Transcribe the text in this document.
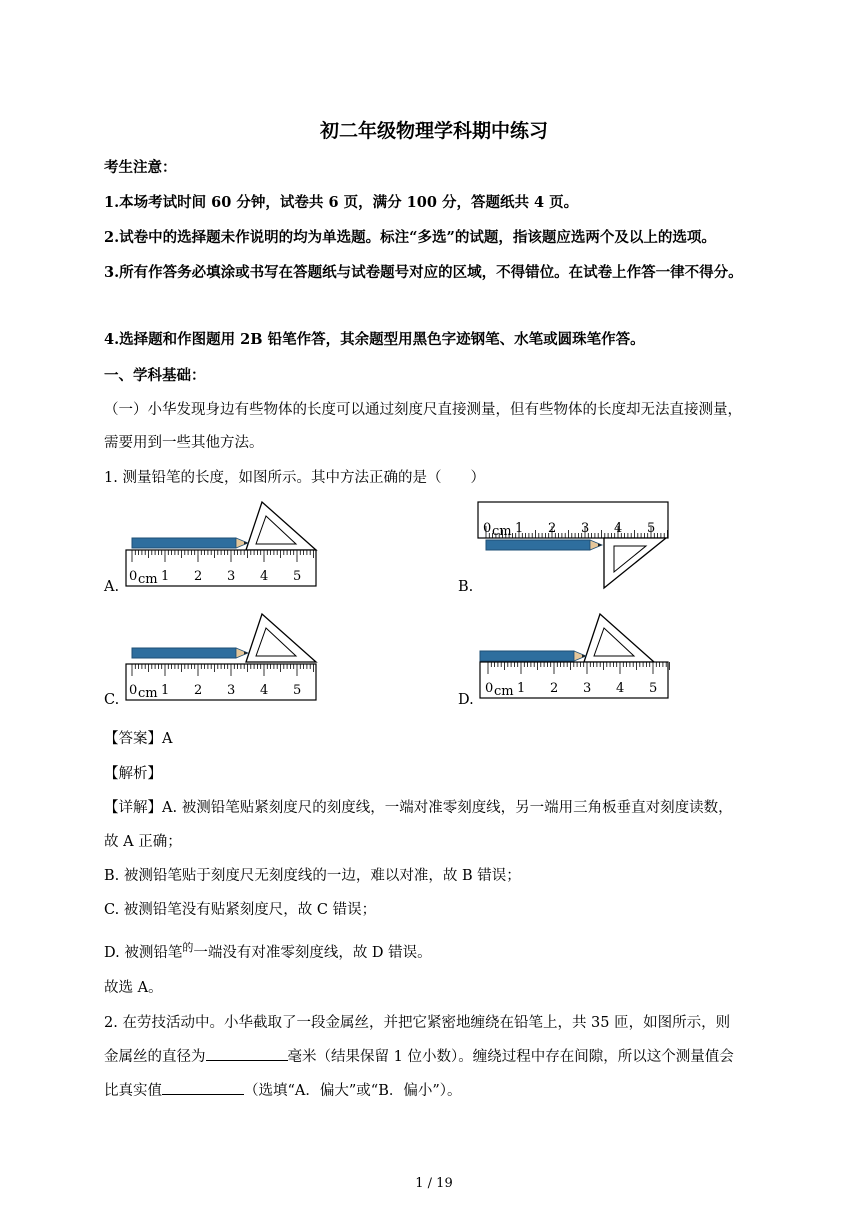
初二年级物理学科期中练习
考生注意：
1.本场考试时间 60 分钟，试卷共 6 页，满分 100 分，答题纸共 4 页。
2.试卷中的选择题未作说明的均为单选题。标注“多选”的试题，指该题应选两个及以上的选项。
3.所有作答务必填涂或书写在答题纸与试卷题号对应的区域，不得错位。在试卷上作答一律不得分。
4.选择题和作图题用 2B 铅笔作答，其余题型用黑色字迹钢笔、水笔或圆珠笔作答。
一、学科基础：
（一）小华发现身边有些物体的长度可以通过刻度尺直接测量，但有些物体的长度却无法直接测量，
需要用到一些其他方法。
1. 测量铅笔的长度，如图所示。其中方法正确的是（　　）
0 cm 1 2 3 4 5
A.
0 cm 1 2 3 4 5
B.
0 cm 1 2 3 4 5
C.
0 cm 1 2 3 4 5
D.
【答案】A
【解析】
【详解】A. 被测铅笔贴紧刻度尺的刻度线，一端对准零刻度线，另一端用三角板垂直对刻度读数，
故 A 正确；
B. 被测铅笔贴于刻度尺无刻度线的一边，难以对准，故 B 错误；
C. 被测铅笔没有贴紧刻度尺，故 C 错误；
D. 被测铅笔$^的$一端没有对准零刻度线，故 D 错误。
故选 A。
2. 在劳技活动中。小华截取了一段金属丝，并把它紧密地缠绕在铅笔上，共 35 匝，如图所示，则
金属丝的直径为	毫米（结果保留 1 位小数）。缠绕过程中存在间隙，所以这个测量值会
比真实值	（选填“A．偏大”或“B．偏小”）。
1 / 19
